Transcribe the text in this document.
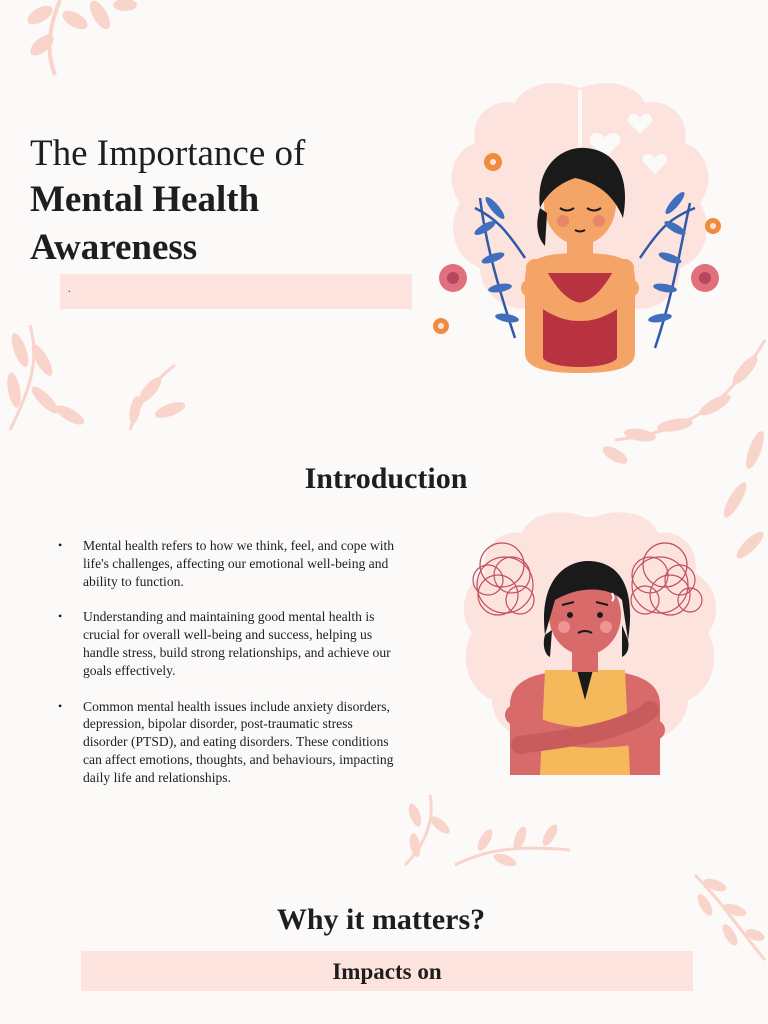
The Importance of
Mental Health
Awareness
.
Introduction
• Mental health refers to how we think, feel, and cope with life's challenges, affecting our emotional well-being and ability to function.
• Understanding and maintaining good mental health is crucial for overall well-being and success, helping us handle stress, build strong relationships, and achieve our goals effectively.
• Common mental health issues include anxiety disorders, depression, bipolar disorder, post-traumatic stress disorder (PTSD), and eating disorders. These conditions can affect emotions, thoughts, and behaviours, impacting daily life and relationships.
Why it matters?
Impacts on
